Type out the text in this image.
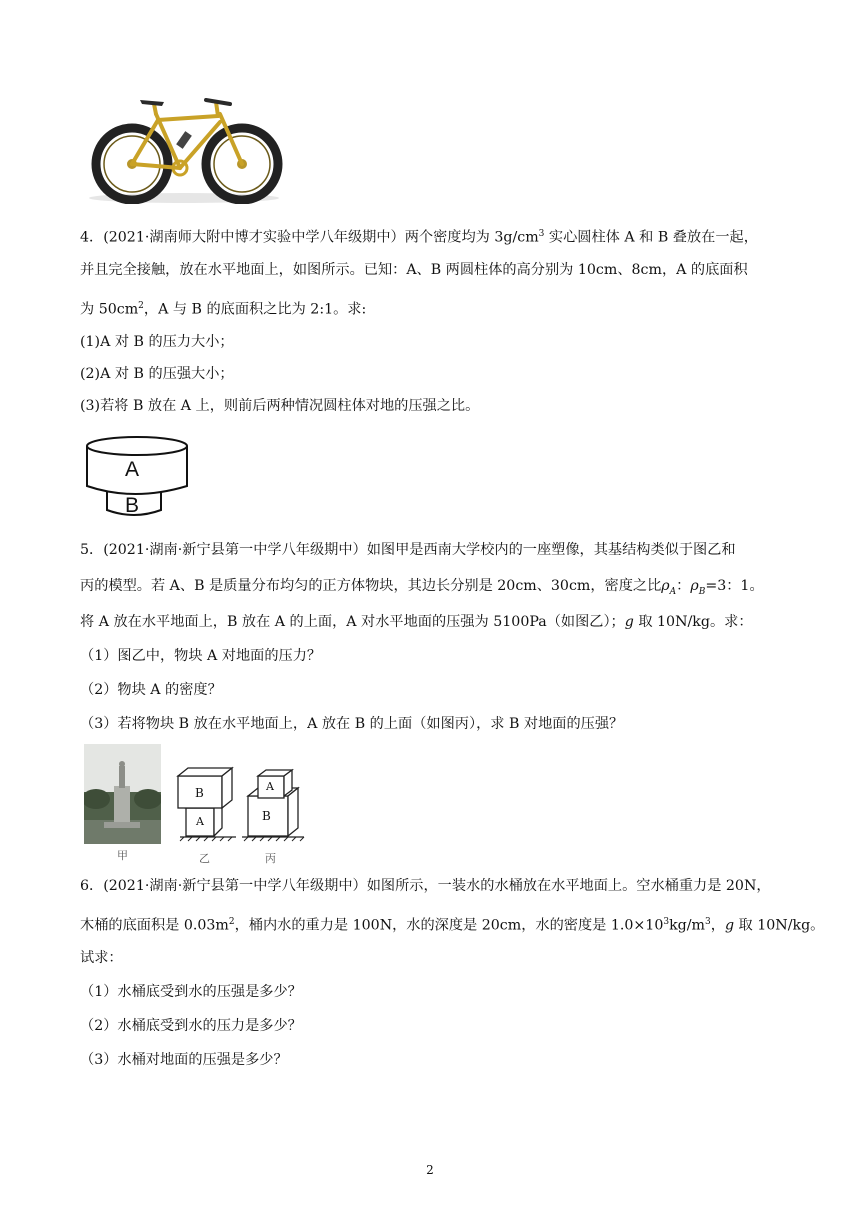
4．(2021·湖南师大附中博才实验中学八年级期中）两个密度均为 $3g/cm^3$ 实心圆柱体 A 和 B 叠放在一起，
并且完全接触，放在水平地面上，如图所示。已知：A、B 两圆柱体的高分别为 10cm、8cm，A 的底面积
为 $50cm^2$，A 与 B 的底面积之比为 2:1。求:
(1)A 对 B 的压力大小；
(2)A 对 B 的压强大小；
(3)若将 B 放在 A 上，则前后两种情况圆柱体对地的压强之比。
A
B
5．(2021·湖南·新宁县第一中学八年级期中）如图甲是西南大学校内的一座塑像，其基结构类似于图乙和
丙的模型。若 A、B 是质量分布均匀的正方体物块，其边长分别是 20cm、30cm，密度之比$\rho_A$：$\rho_B=3$：1。
将 A 放在水平地面上，B 放在 A 的上面，A 对水平地面的压强为 5100Pa（如图乙）；g 取 10N/kg。求：
（1）图乙中，物块 A 对地面的压力？
（2）物块 A 的密度？
（3）若将物块 B 放在水平地面上，A 放在 B 的上面（如图丙），求 B 对地面的压强？
B
A
A
B
甲	乙	丙
6．(2021·湖南·新宁县第一中学八年级期中）如图所示，一装水的水桶放在水平地面上。空水桶重力是 20N，
木桶的底面积是 $0.03m^2$，桶内水的重力是 100N，水的深度是 20cm，水的密度是 $1.0\times 10^3kg/m^3$，g 取 10N/kg。
试求：
（1）水桶底受到水的压强是多少？
（2）水桶底受到水的压力是多少？
（3）水桶对地面的压强是多少？
2
